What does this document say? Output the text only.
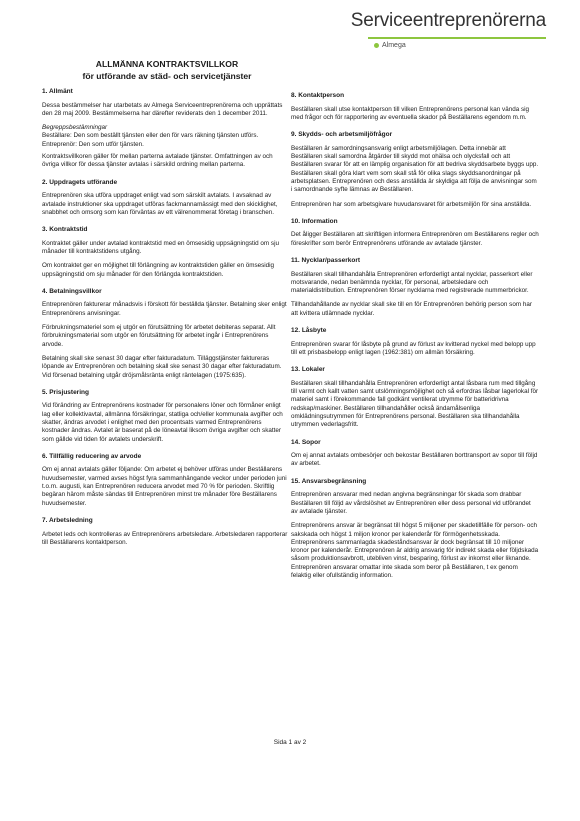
Serviceentreprenörerna
Almega
ALLMÄNNA KONTRAKTSVILLKOR
för utförande av städ- och servicetjänster
1. Allmänt

Dessa bestämmelser har utarbetats av Almega Serviceentreprenörerna och upprättats den 28 maj 2009. Bestämmelserna har därefter reviderats den 1 december 2011.

Begreppsbestämningar
Beställare: Den som beställt tjänsten eller den för vars räkning tjänsten utförs.
Entreprenör: Den som utför tjänsten.

Kontraktsvillkoren gäller för mellan parterna avtalade tjänster. Omfattningen av och övriga villkor för dessa tjänster avtalas i särskild ordning mellan parterna.

2. Uppdragets utförande

Entreprenören ska utföra uppdraget enligt vad som särskilt avtalats. I avsaknad av avtalade instruktioner ska uppdraget utföras fackmannamässigt med den skicklighet, snabbhet och omsorg som kan förväntas av ett välrenommerat företag i branschen.

3. Kontraktstid

Kontraktet gäller under avtalad kontraktstid med en ömsesidig uppsägningstid om sju månader till kontraktstidens utgång.

Om kontraktet ger en möjlighet till förlängning av kontraktstiden gäller en ömsesidig uppsägningstid om sju månader för den förlängda kontraktstiden.

4. Betalningsvillkor

Entreprenören fakturerar månadsvis i förskott för beställda tjänster. Betalning sker enligt Entreprenörens anvisningar.

Förbrukningsmateriel som ej utgör en förutsättning för arbetet debiteras separat. Allt förbrukningsmaterial som utgör en förutsättning för arbetet ingår i Entreprenörens arvode.

Betalning skall ske senast 30 dagar efter fakturadatum. Tilläggstjänster faktureras löpande av Entreprenören och betalning skall ske senast 30 dagar efter fakturadatum. Vid försenad betalning utgår dröjsmålsränta enligt räntelagen (1975:635).

5. Prisjustering

Vid förändring av Entreprenörens kostnader för personalens löner och förmåner enligt lag eller kollektivavtal, allmänna försäkringar, statliga och/eller kommunala avgifter och skatter, ändras arvodet i enlighet med den procentsats varmed Entreprenörens kostnader ändras. Avtalet är baserat på de löneavtal liksom övriga avgifter och skatter som gällde vid tiden för avtalets underskrift.

6. Tillfällig reducering av arvode

Om ej annat avtalats gäller följande: Om arbetet ej behöver utföras under Beställarens huvudsemester, varmed avses högst fyra sammanhängande veckor under perioden juni t.o.m. augusti, kan Entreprenören reducera arvodet med 70 % för perioden. Skriftlig begäran härom måste sändas till Entreprenören minst tre månader före Beställarens huvudsemester.

7. Arbetsledning

Arbetet leds och kontrolleras av Entreprenörens arbetsledare. Arbetsledaren rapporterar till Beställarens kontaktperson.

8. Kontaktperson

Beställaren skall utse kontaktperson till vilken Entreprenörens personal kan vända sig med frågor och för rapportering av eventuella skador på Beställarens egendom m.m.

9. Skydds- och arbetsmiljöfrågor

Beställaren är samordningsansvarig enligt arbetsmiljölagen. Detta innebär att Beställaren skall samordna åtgärder till skydd mot ohälsa och olycksfall och att Beställaren svarar för att en lämplig organisation för att bedriva skyddsarbete byggs upp. Beställaren skall göra klart vem som skall stå för olika slags skyddsanordningar på arbetsplatsen. Entreprenören och dess anställda är skyldiga att följa de anvisningar som i samordnande syfte lämnas av Beställaren.

Entreprenören har som arbetsgivare huvudansvaret för arbetsmiljön för sina anställda.

10. Information

Det åligger Beställaren att skriftligen informera Entreprenören om Beställarens regler och föreskrifter som berör Entreprenörens utförande av avtalade tjänster.

11. Nycklar/passerkort

Beställaren skall tillhandahålla Entreprenören erforderligt antal nycklar, passerkort eller motsvarande, nedan benämnda nycklar, för personal, arbetsledare och materialdistribution. Entreprenören förser nycklarna med registrerade nummerbrickor.

Tillhandahållande av nycklar skall ske till en för Entreprenören behörig person som har att kvittera utlämnade nycklar.

12. Låsbyte

Entreprenören svarar för låsbyte på grund av förlust av kvitterad nyckel med belopp upp till ett prisbasbelopp enligt lagen (1962:381) om allmän försäkring.

13. Lokaler

Beställaren skall tillhandahålla Entreprenören erforderligt antal låsbara rum med tillgång till varmt och kallt vatten samt utslömningsmöjlighet och så erfordras låsbar lagerlokal för materiel samt i förekommande fall godkänt ventilerat utrymme för batteridrivna redskap/maskiner. Beställaren tillhandahåller också ändamålsenliga omklädningsutrymmen för Entreprenörens personal. Beställaren ska tillhandahålla utrymmen vederlagsfritt.

14. Sopor

Om ej annat avtalats ombesörjer och bekostar Beställaren borttransport av sopor till följd av arbetet.

15. Ansvarsbegränsning

Entreprenören ansvarar med nedan angivna begränsningar för skada som drabbar Beställaren till följd av vårdslöshet av Entreprenören eller dess personal vid utförandet av avtalade tjänster.

Entreprenörens ansvar är begränsat till högst 5 miljoner per skadetillfälle för person- och sakskada och högst 1 miljon kronor per kalenderår för förmögenhetsskada. Entreprenörens sammanlagda skadeståndsansvar är dock begränsat till 10 miljoner kronor per kalenderår. Entreprenören är aldrig ansvarig för indirekt skada eller följdskada såsom produktionsavbrott, utebliven vinst, besparing, förlust av inkomst eller liknande. Entreprenören ansvarar omattar inte skada som beror på Beställaren, t ex genom felaktig eller ofullständig information.

Sida 1 av 2
